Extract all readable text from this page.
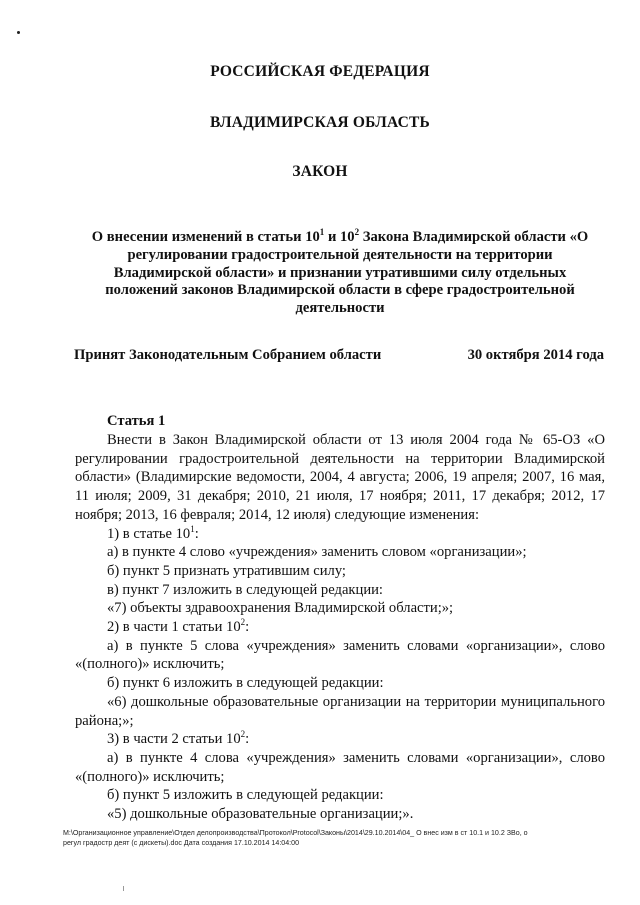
РОССИЙСКАЯ ФЕДЕРАЦИЯ
ВЛАДИМИРСКАЯ ОБЛАСТЬ
ЗАКОН
О внесении изменений в статьи $10^1$ и $10^2$ Закона Владимирской области «О регулировании градостроительной деятельности на территории Владимирской области» и признании утратившими силу отдельных положений законов Владимирской области в сфере градостроительной деятельности
Принят Законодательным Собранием области	30 октября 2014 года
Статья 1

Внести в Закон Владимирской области от 13 июля 2004 года № 65-ОЗ «О регулировании градостроительной деятельности на территории Владимирской области» (Владимирские ведомости, 2004, 4 августа; 2006, 19 апреля; 2007, 16 мая, 11 июля; 2009, 31 декабря; 2010, 21 июля, 17 ноября; 2011, 17 декабря; 2012, 17 ноября; 2013, 16 февраля; 2014, 12 июля) следующие изменения:

1) в статье $10^1$:

а) в пункте 4 слово «учреждения» заменить словом «организации»;

б) пункт 5 признать утратившим силу;

в) пункт 7 изложить в следующей редакции:

«7) объекты здравоохранения Владимирской области;»;

2) в части 1 статьи $10^2$:

а) в пункте 5 слова «учреждения» заменить словами «организации», слово «(полного)» исключить;

б) пункт 6 изложить в следующей редакции:

«6) дошкольные образовательные организации на территории муниципального района;»;

3) в части 2 статьи $10^2$:

а) в пункте 4 слова «учреждения» заменить словами «организации», слово «(полного)» исключить;

б) пункт 5 изложить в следующей редакции:

«5) дошкольные образовательные организации;».

M:\Организационное управление\Отдел делопроизводства\Протокол\Protocol\Законы\2014\29.10.2014\04_ О внес изм в ст 10.1 и 10.2 ЗВо, о
регул градостр деят (с дискеты).doc Дата создания 17.10.2014 14:04:00
